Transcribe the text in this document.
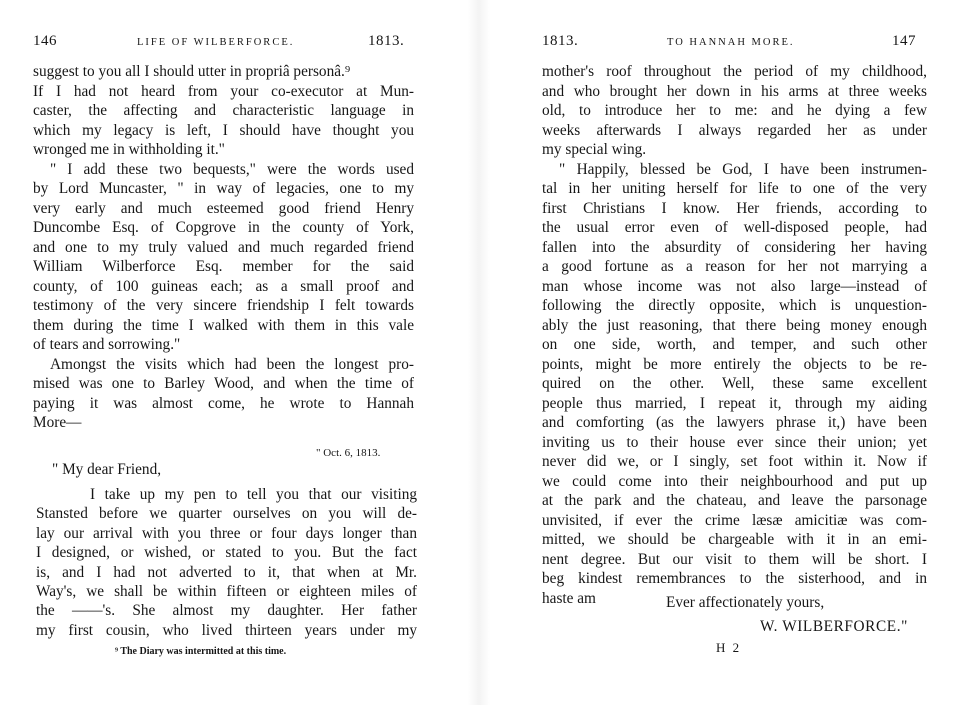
146	LIFE OF WILBERFORCE.	1813.
suggest to you all I should utter in propriâ personâ.⁹
If I had not heard from your co-executor at Mun-
caster, the affecting and characteristic language in
which my legacy is left, I should have thought you
wronged me in withholding it."
" I add these two bequests," were the words used
by Lord Muncaster, " in way of legacies, one to my
very early and much esteemed good friend Henry
Duncombe Esq. of Copgrove in the county of York,
and one to my truly valued and much regarded friend
William Wilberforce Esq. member for the said
county, of 100 guineas each; as a small proof and
testimony of the very sincere friendship I felt towards
them during the time I walked with them in this vale
of tears and sorrowing."
Amongst the visits which had been the longest pro-
mised was one to Barley Wood, and when the time of
paying it was almost come, he wrote to Hannah
More—
" Oct. 6, 1813.
" My dear Friend,
I take up my pen to tell you that our visiting
Stansted before we quarter ourselves on you will de-
lay our arrival with you three or four days longer than
I designed, or wished, or stated to you. But the fact
is, and I had not adverted to it, that when at Mr.
Way's, we shall be within fifteen or eighteen miles of
the ——'s. She almost my daughter. Her father
my first cousin, who lived thirteen years under my
⁹ The Diary was intermitted at this time.
1813.	TO HANNAH MORE.	147
mother's roof throughout the period of my childhood,
and who brought her down in his arms at three weeks
old, to introduce her to me: and he dying a few
weeks afterwards I always regarded her as under
my special wing.
" Happily, blessed be God, I have been instrumen-
tal in her uniting herself for life to one of the very
first Christians I know. Her friends, according to
the usual error even of well-disposed people, had
fallen into the absurdity of considering her having
a good fortune as a reason for her not marrying a
man whose income was not also large—instead of
following the directly opposite, which is unquestion-
ably the just reasoning, that there being money enough
on one side, worth, and temper, and such other
points, might be more entirely the objects to be re-
quired on the other. Well, these same excellent
people thus married, I repeat it, through my aiding
and comforting (as the lawyers phrase it,) have been
inviting us to their house ever since their union; yet
never did we, or I singly, set foot within it. Now if
we could come into their neighbourhood and put up
at the park and the chateau, and leave the parsonage
unvisited, if ever the crime læsæ amicitiæ was com-
mitted, we should be chargeable with it in an emi-
nent degree. But our visit to them will be short. I
beg kindest remembrances to the sisterhood, and in
haste am	Ever affectionately yours,
W. WILBERFORCE."
H 2
